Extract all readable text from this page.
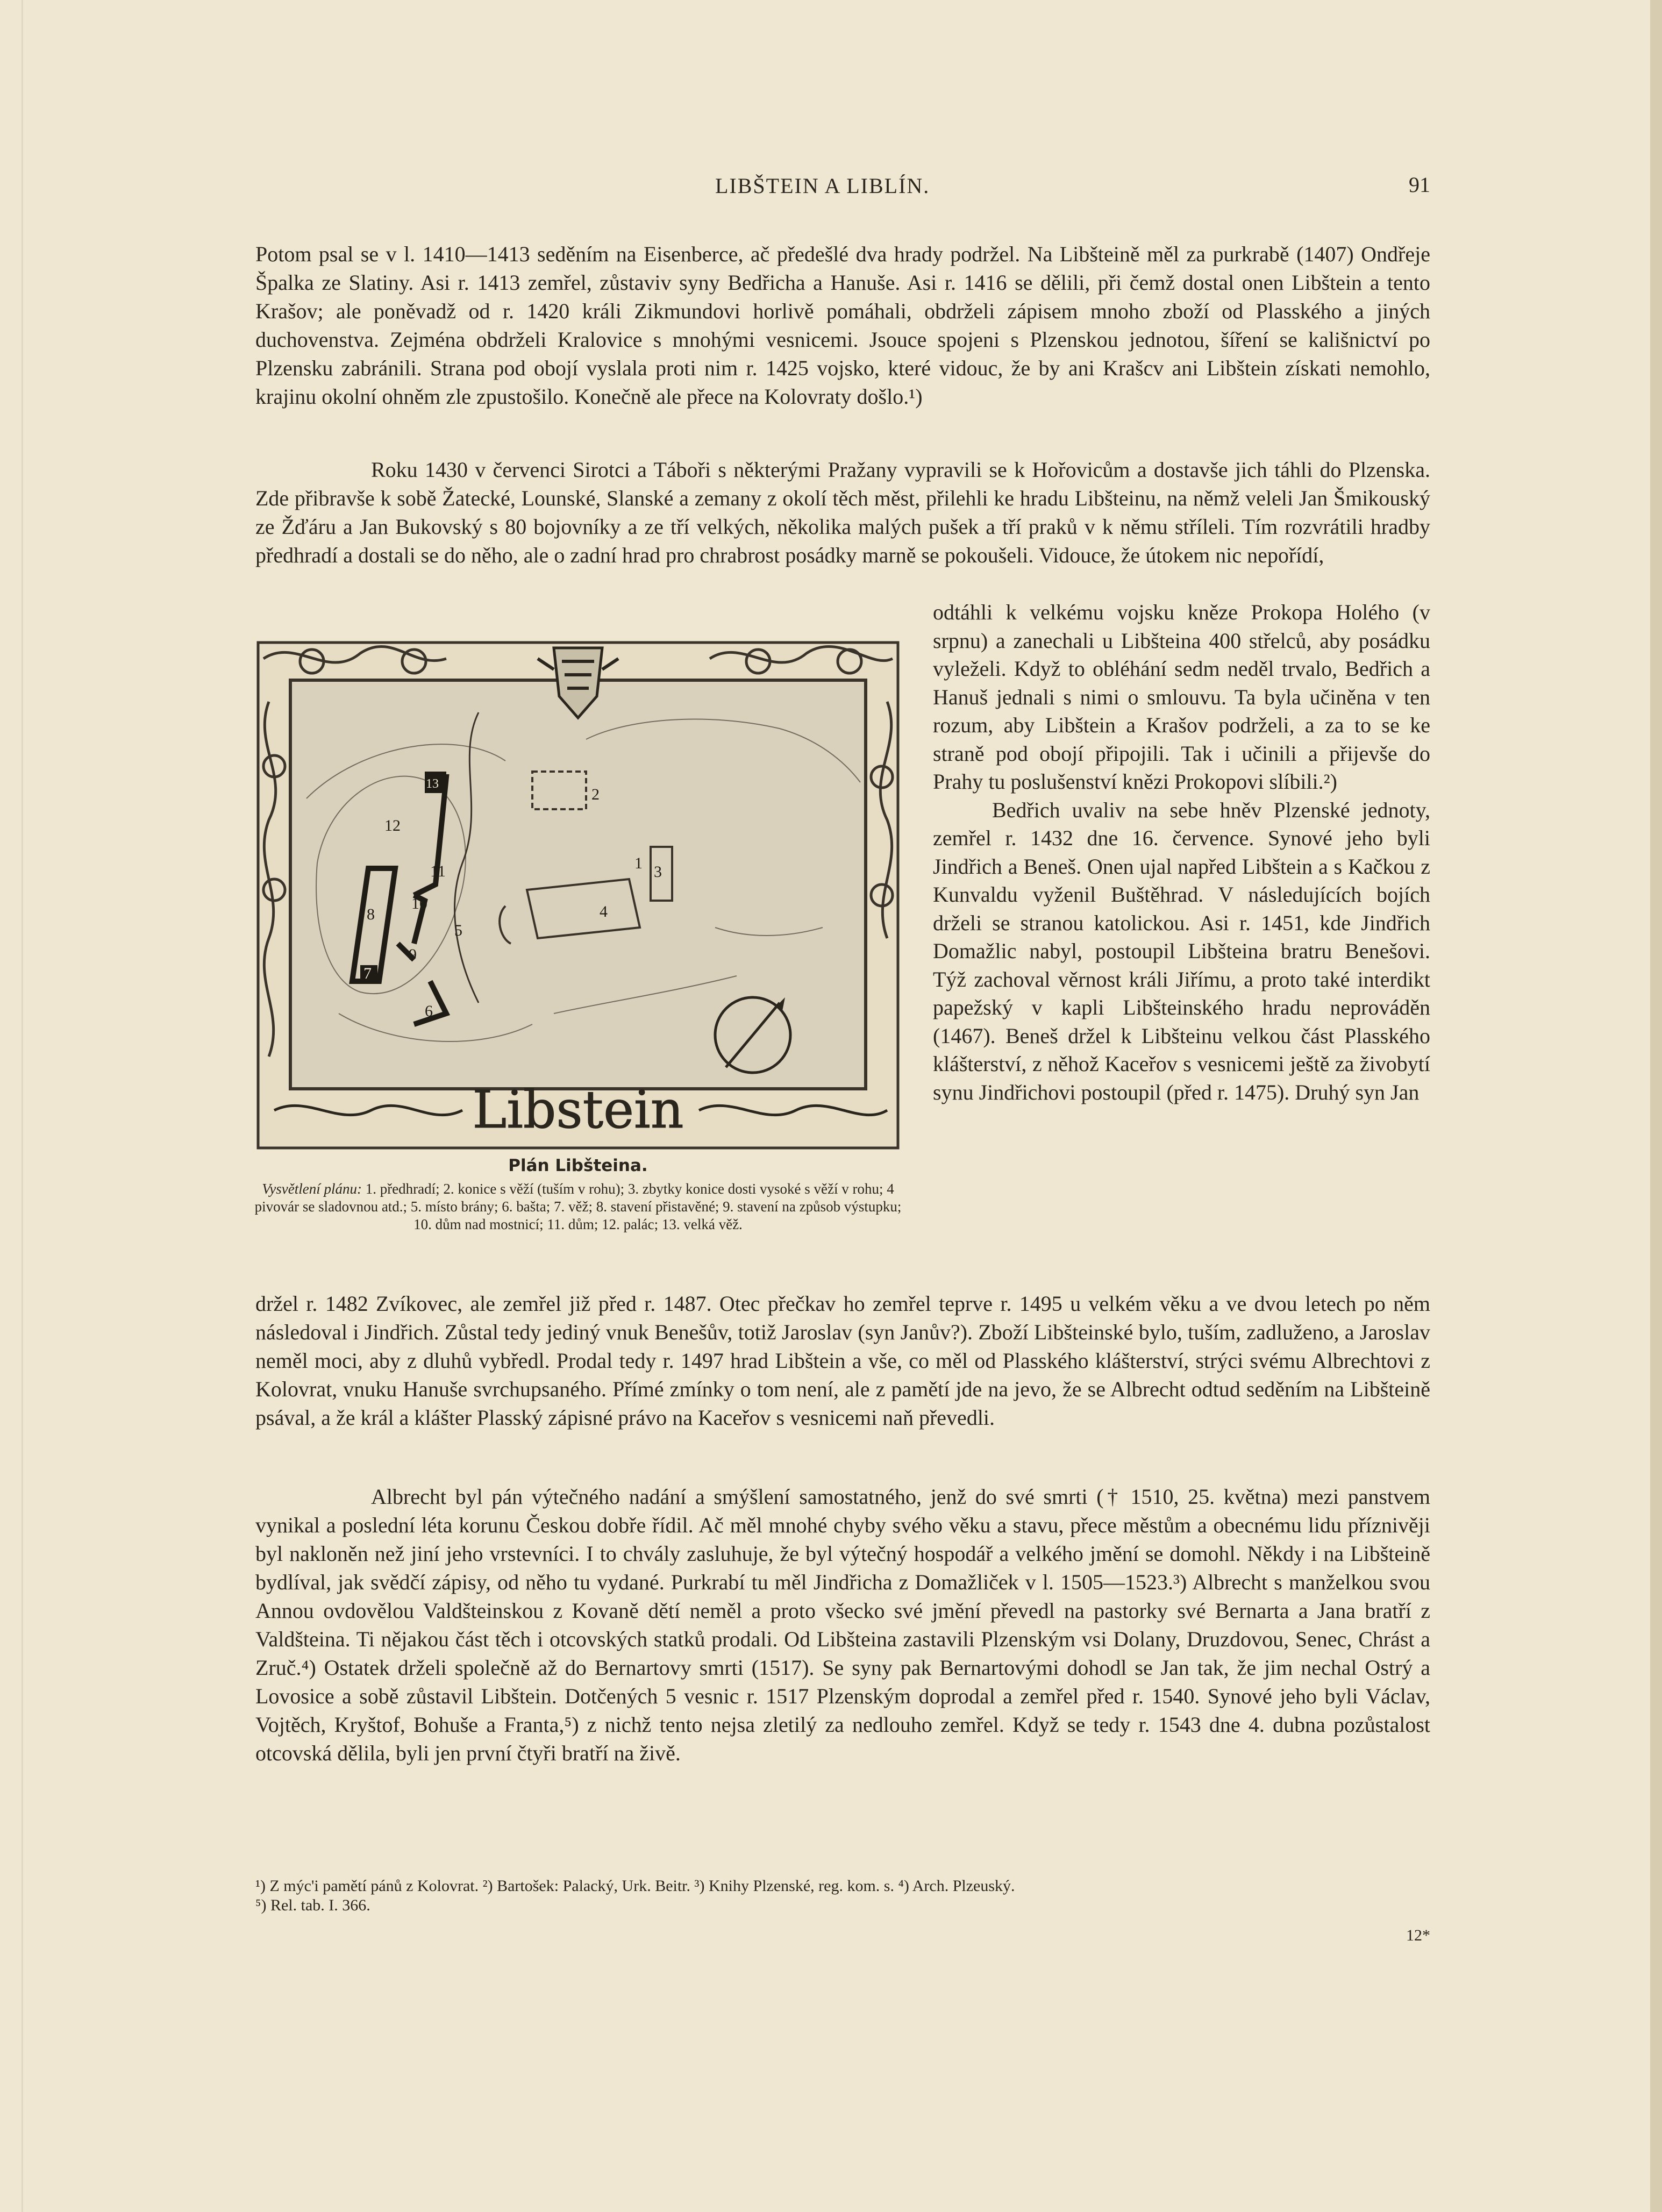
LIBŠTEIN A LIBLÍN.	91

Potom psal se v l. 1410—1413 seděním na Eisenberce, ač předešlé dva hrady podržel. Na Libšteině měl za purkrabě (1407) Ondřeje Špalka ze Slatiny. Asi r. 1413 zemřel, zůstaviv syny Bedřicha a Hanuše. Asi r. 1416 se dělili, při čemž dostal onen Libštein a tento Krašov; ale poněvadž od r. 1420 králi Zikmundovi horlivě pomáhali, obdrželi zápisem mnoho zboží od Plasského a jiných duchovenstva. Zejména obdrželi Kralovice s mnohými vesnicemi. Jsouce spojeni s Plzenskou jednotou, šíření se kališnictví po Plzensku zabránili. Strana pod obojí vyslala proti nim r. 1425 vojsko, které vidouc, že by ani Krašcv ani Libštein získati nemohlo, krajinu okolní ohněm zle zpustošilo. Konečně ale přece na Kolovraty došlo.¹)

Roku 1430 v červenci Sirotci a Táboři s některými Pražany vypravili se k Hořovicům a dostavše jich táhli do Plzenska. Zde přibravše k sobě Žatecké, Lounské, Slanské a zemany z okolí těch měst, přilehli ke hradu Libšteinu, na němž veleli Jan Šmikouský ze Žďáru a Jan Bukovský s 80 bojovníky a ze tří velkých, několika malých pušek a tří praků v k němu stříleli. Tím rozvrátili hradby předhradí a dostali se do něho, ale o zadní hrad pro chrabrost posádky marně se pokoušeli. Vidouce, že útokem nic nepořídí,

1
2
3
4
5
6
7
8
9
10
11
12
13
Libstein
Plán Libšteina.

Vysvětlení plánu: 1. předhradí; 2. konice s věží (tuším v rohu); 3. zbytky konice dosti vysoké s věží v rohu; 4 pivovár se sladovnou atd.; 5. místo brány; 6. bašta; 7. věž; 8. stavení přistavěné; 9. stavení na způsob výstupku; 10. dům nad mostnicí; 11. dům; 12. palác; 13. velká věž.

odtáhli k velkému vojsku kněze Prokopa Holého (v srpnu) a zanechali u Libšteina 400 střelců, aby posádku vyleželi. Když to obléhání sedm neděl trvalo, Bedřich a Hanuš jednali s nimi o smlouvu. Ta byla učiněna v ten rozum, aby Libštein a Krašov podrželi, a za to se ke straně pod obojí připojili. Tak i učinili a přijevše do Prahy tu poslušenství knězi Prokopovi slíbili.²)
Bedřich uvaliv na sebe hněv Plzenské jednoty, zemřel r. 1432 dne 16. července. Synové jeho byli Jindřich a Beneš. Onen ujal napřed Libštein a s Kačkou z Kunvaldu vyženil Buštěhrad. V následujících bojích drželi se stranou katolickou. Asi r. 1451, kde Jindřich Domažlic nabyl, postoupil Libšteina bratru Benešovi. Týž zachoval věrnost králi Jiřímu, a proto také interdikt papežský v kapli Libšteinského hradu neprováděn (1467). Beneš držel k Libšteinu velkou část Plasského klášterství, z něhož Kaceřov s vesnicemi ještě za živobytí synu Jindřichovi postoupil (před r. 1475). Druhý syn Jan

držel r. 1482 Zvíkovec, ale zemřel již před r. 1487. Otec přečkav ho zemřel teprve r. 1495 u velkém věku a ve dvou letech po něm následoval i Jindřich. Zůstal tedy jediný vnuk Benešův, totiž Jaroslav (syn Janův?). Zboží Libšteinské bylo, tuším, zadluženo, a Jaroslav neměl moci, aby z dluhů vybředl. Prodal tedy r. 1497 hrad Libštein a vše, co měl od Plasského klášterství, strýci svému Albrechtovi z Kolovrat, vnuku Hanuše svrchupsaného. Přímé zmínky o tom není, ale z pamětí jde na jevo, že se Albrecht odtud seděním na Libšteině psával, a že král a klášter Plasský zápisné právo na Kaceřov s vesnicemi naň převedli.

Albrecht byl pán výtečného nadání a smýšlení samostatného, jenž do své smrti († 1510, 25. května) mezi panstvem vynikal a poslední léta korunu Českou dobře řídil. Ač měl mnohé chyby svého věku a stavu, přece městům a obecnému lidu příznivěji byl nakloněn než jiní jeho vrstevníci. I to chvály zasluhuje, že byl výtečný hospodář a velkého jmění se domohl. Někdy i na Libšteině bydlíval, jak svědčí zápisy, od něho tu vydané. Purkrabí tu měl Jindřicha z Domažliček v l. 1505—1523.³) Albrecht s manželkou svou Annou ovdovělou Valdšteinskou z Kovaně dětí neměl a proto všecko své jmění převedl na pastorky své Bernarta a Jana bratří z Valdšteina. Ti nějakou část těch i otcovských statků prodali. Od Libšteina zastavili Plzenským vsi Dolany, Druzdovou, Senec, Chrást a Zruč.⁴) Ostatek drželi společně až do Bernartovy smrti (1517). Se syny pak Bernartovými dohodl se Jan tak, že jim nechal Ostrý a Lovosice a sobě zůstavil Libštein. Dotčených 5 vesnic r. 1517 Plzenským doprodal a zemřel před r. 1540. Synové jeho byli Václav, Vojtěch, Kryštof, Bohuše a Franta,⁵) z nichž tento nejsa zletilý za nedlouho zemřel. Když se tedy r. 1543 dne 4. dubna pozůstalost otcovská dělila, byli jen první čtyři bratří na živě.

¹) Z mýc'i pamětí pánů z Kolovrat. ²) Bartošek: Palacký, Urk. Beitr. ³) Knihy Plzenské, reg. kom. s. ⁴) Arch. Plzeuský.
⁵) Rel. tab. I. 366.
12*
